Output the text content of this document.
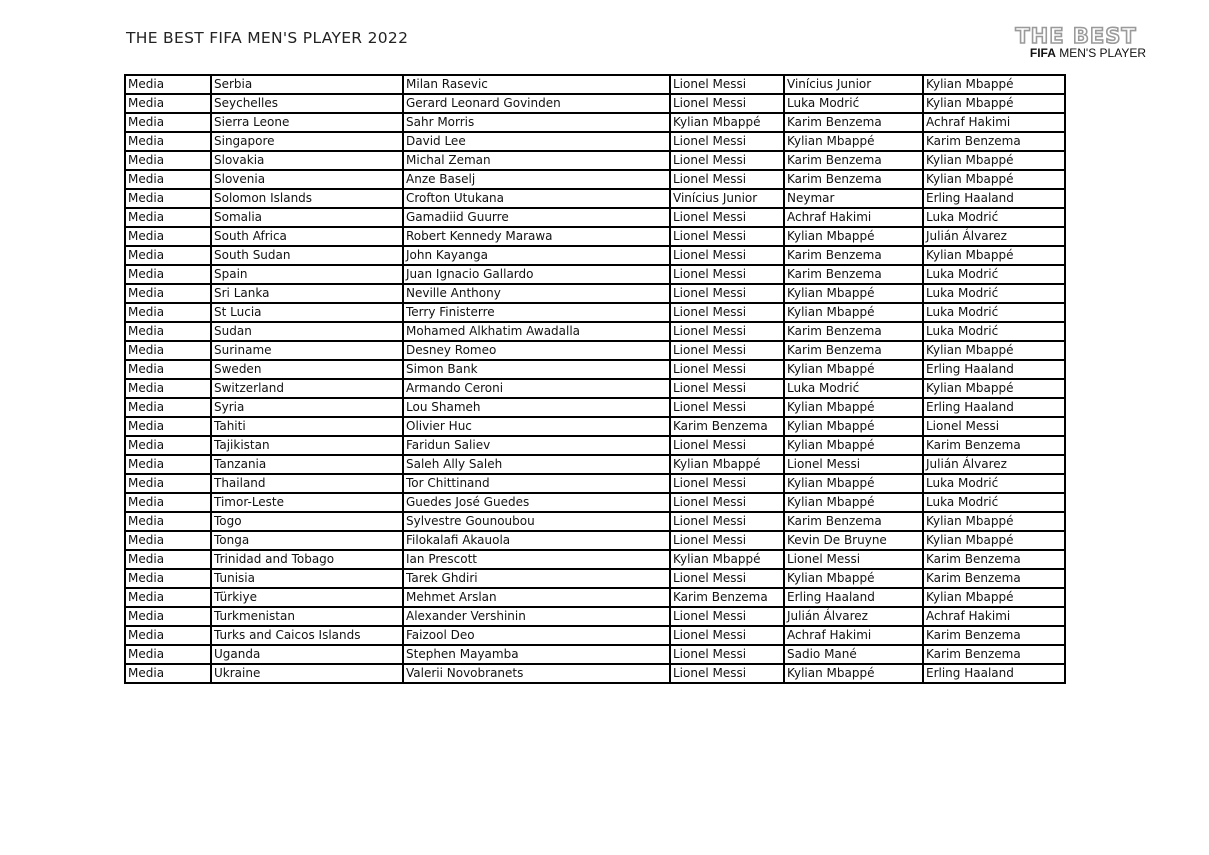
THE BEST FIFA MEN'S PLAYER 2022	THE BEST
FIFA MEN'S PLAYER
Media	Serbia	Milan Rasevic	Lionel Messi	Vinícius Junior	Kylian Mbappé
Media	Seychelles	Gerard Leonard Govinden	Lionel Messi	Luka Modrić	Kylian Mbappé
Media	Sierra Leone	Sahr Morris	Kylian Mbappé	Karim Benzema	Achraf Hakimi
Media	Singapore	David Lee	Lionel Messi	Kylian Mbappé	Karim Benzema
Media	Slovakia	Michal Zeman	Lionel Messi	Karim Benzema	Kylian Mbappé
Media	Slovenia	Anze Baselj	Lionel Messi	Karim Benzema	Kylian Mbappé
Media	Solomon Islands	Crofton Utukana	Vinícius Junior	Neymar	Erling Haaland
Media	Somalia	Gamadiid Guurre	Lionel Messi	Achraf Hakimi	Luka Modrić
Media	South Africa	Robert Kennedy Marawa	Lionel Messi	Kylian Mbappé	Julián Álvarez
Media	South Sudan	John Kayanga	Lionel Messi	Karim Benzema	Kylian Mbappé
Media	Spain	Juan Ignacio Gallardo	Lionel Messi	Karim Benzema	Luka Modrić
Media	Sri Lanka	Neville Anthony	Lionel Messi	Kylian Mbappé	Luka Modrić
Media	St Lucia	Terry Finisterre	Lionel Messi	Kylian Mbappé	Luka Modrić
Media	Sudan	Mohamed Alkhatim Awadalla	Lionel Messi	Karim Benzema	Luka Modrić
Media	Suriname	Desney Romeo	Lionel Messi	Karim Benzema	Kylian Mbappé
Media	Sweden	Simon Bank	Lionel Messi	Kylian Mbappé	Erling Haaland
Media	Switzerland	Armando Ceroni	Lionel Messi	Luka Modrić	Kylian Mbappé
Media	Syria	Lou Shameh	Lionel Messi	Kylian Mbappé	Erling Haaland
Media	Tahiti	Olivier Huc	Karim Benzema	Kylian Mbappé	Lionel Messi
Media	Tajikistan	Faridun Saliev	Lionel Messi	Kylian Mbappé	Karim Benzema
Media	Tanzania	Saleh Ally Saleh	Kylian Mbappé	Lionel Messi	Julián Álvarez
Media	Thailand	Tor Chittinand	Lionel Messi	Kylian Mbappé	Luka Modrić
Media	Timor-Leste	Guedes José Guedes	Lionel Messi	Kylian Mbappé	Luka Modrić
Media	Togo	Sylvestre Gounoubou	Lionel Messi	Karim Benzema	Kylian Mbappé
Media	Tonga	Filokalafi Akauola	Lionel Messi	Kevin De Bruyne	Kylian Mbappé
Media	Trinidad and Tobago	Ian Prescott	Kylian Mbappé	Lionel Messi	Karim Benzema
Media	Tunisia	Tarek Ghdiri	Lionel Messi	Kylian Mbappé	Karim Benzema
Media	Türkiye	Mehmet Arslan	Karim Benzema	Erling Haaland	Kylian Mbappé
Media	Turkmenistan	Alexander Vershinin	Lionel Messi	Julián Álvarez	Achraf Hakimi
Media	Turks and Caicos Islands	Faizool Deo	Lionel Messi	Achraf Hakimi	Karim Benzema
Media	Uganda	Stephen Mayamba	Lionel Messi	Sadio Mané	Karim Benzema
Media	Ukraine	Valerii Novobranets	Lionel Messi	Kylian Mbappé	Erling Haaland
